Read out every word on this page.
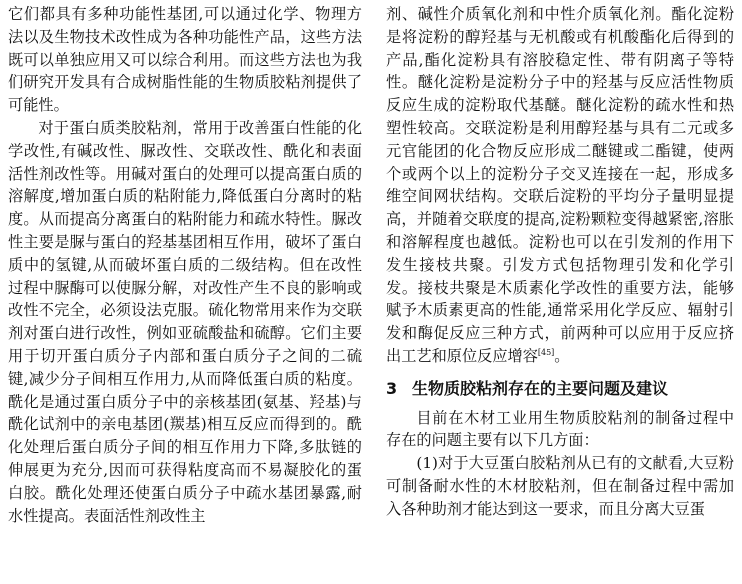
它们都具有多种功能性基团,可以通过化学、物理方法以及生物技术改性成为各种功能性产品，这些方法既可以单独应用又可以综合利用。而这些方法也为我们研究开发具有合成树脂性能的生物质胶粘剂提供了可能性。

对于蛋白质类胶粘剂，常用于改善蛋白性能的化学改性,有碱改性、脲改性、交联改性、酰化和表面活性剂改性等。用碱对蛋白的处理可以提高蛋白质的溶解度,增加蛋白质的粘附能力,降低蛋白分离时的粘度。从而提高分离蛋白的粘附能力和疏水特性。脲改性主要是脲与蛋白的羟基基团相互作用，破坏了蛋白质中的氢键,从而破坏蛋白质的二级结构。但在改性过程中脲酶可以使脲分解，对改性产生不良的影响或改性不完全，必须设法克服。硫化物常用来作为交联剂对蛋白进行改性，例如亚硫酸盐和硫醇。它们主要用于切开蛋白质分子内部和蛋白质分子之间的二硫键,减少分子间相互作用力,从而降低蛋白质的粘度。酰化是通过蛋白质分子中的亲核基团(氨基、羟基)与酰化试剂中的亲电基团(羰基)相互反应而得到的。酰化处理后蛋白质分子间的相互作用力下降,多肽链的伸展更为充分,因而可获得粘度高而不易凝胶化的蛋白胶。酰化处理还使蛋白质分子中疏水基团暴露,耐水性提高。表面活性剂改性主

剂、碱性介质氧化剂和中性介质氧化剂。酯化淀粉是将淀粉的醇羟基与无机酸或有机酸酯化后得到的产品,酯化淀粉具有溶胶稳定性、带有阴离子等特性。醚化淀粉是淀粉分子中的羟基与反应活性物质反应生成的淀粉取代基醚。醚化淀粉的疏水性和热塑性较高。交联淀粉是利用醇羟基与具有二元或多元官能团的化合物反应形成二醚键或二酯键，使两个或两个以上的淀粉分子交叉连接在一起，形成多维空间网状结构。交联后淀粉的平均分子量明显提高，并随着交联度的提高,淀粉颗粒变得越紧密,溶胀和溶解程度也越低。淀粉也可以在引发剂的作用下发生接枝共聚。引发方式包括物理引发和化学引发。接枝共聚是木质素化学改性的重要方法，能够赋予木质素更高的性能,通常采用化学反应、辐射引发和酶促反应三种方式，前两种可以应用于反应挤出工艺和原位反应增容[45]。

3 生物质胶粘剂存在的主要问题及建议

目前在木材工业用生物质胶粘剂的制备过程中存在的问题主要有以下几方面：

(1)对于大豆蛋白胶粘剂从已有的文献看,大豆粉可制备耐水性的木材胶粘剂，但在制备过程中需加入各种助剂才能达到这一要求，而且分离大豆蛋
